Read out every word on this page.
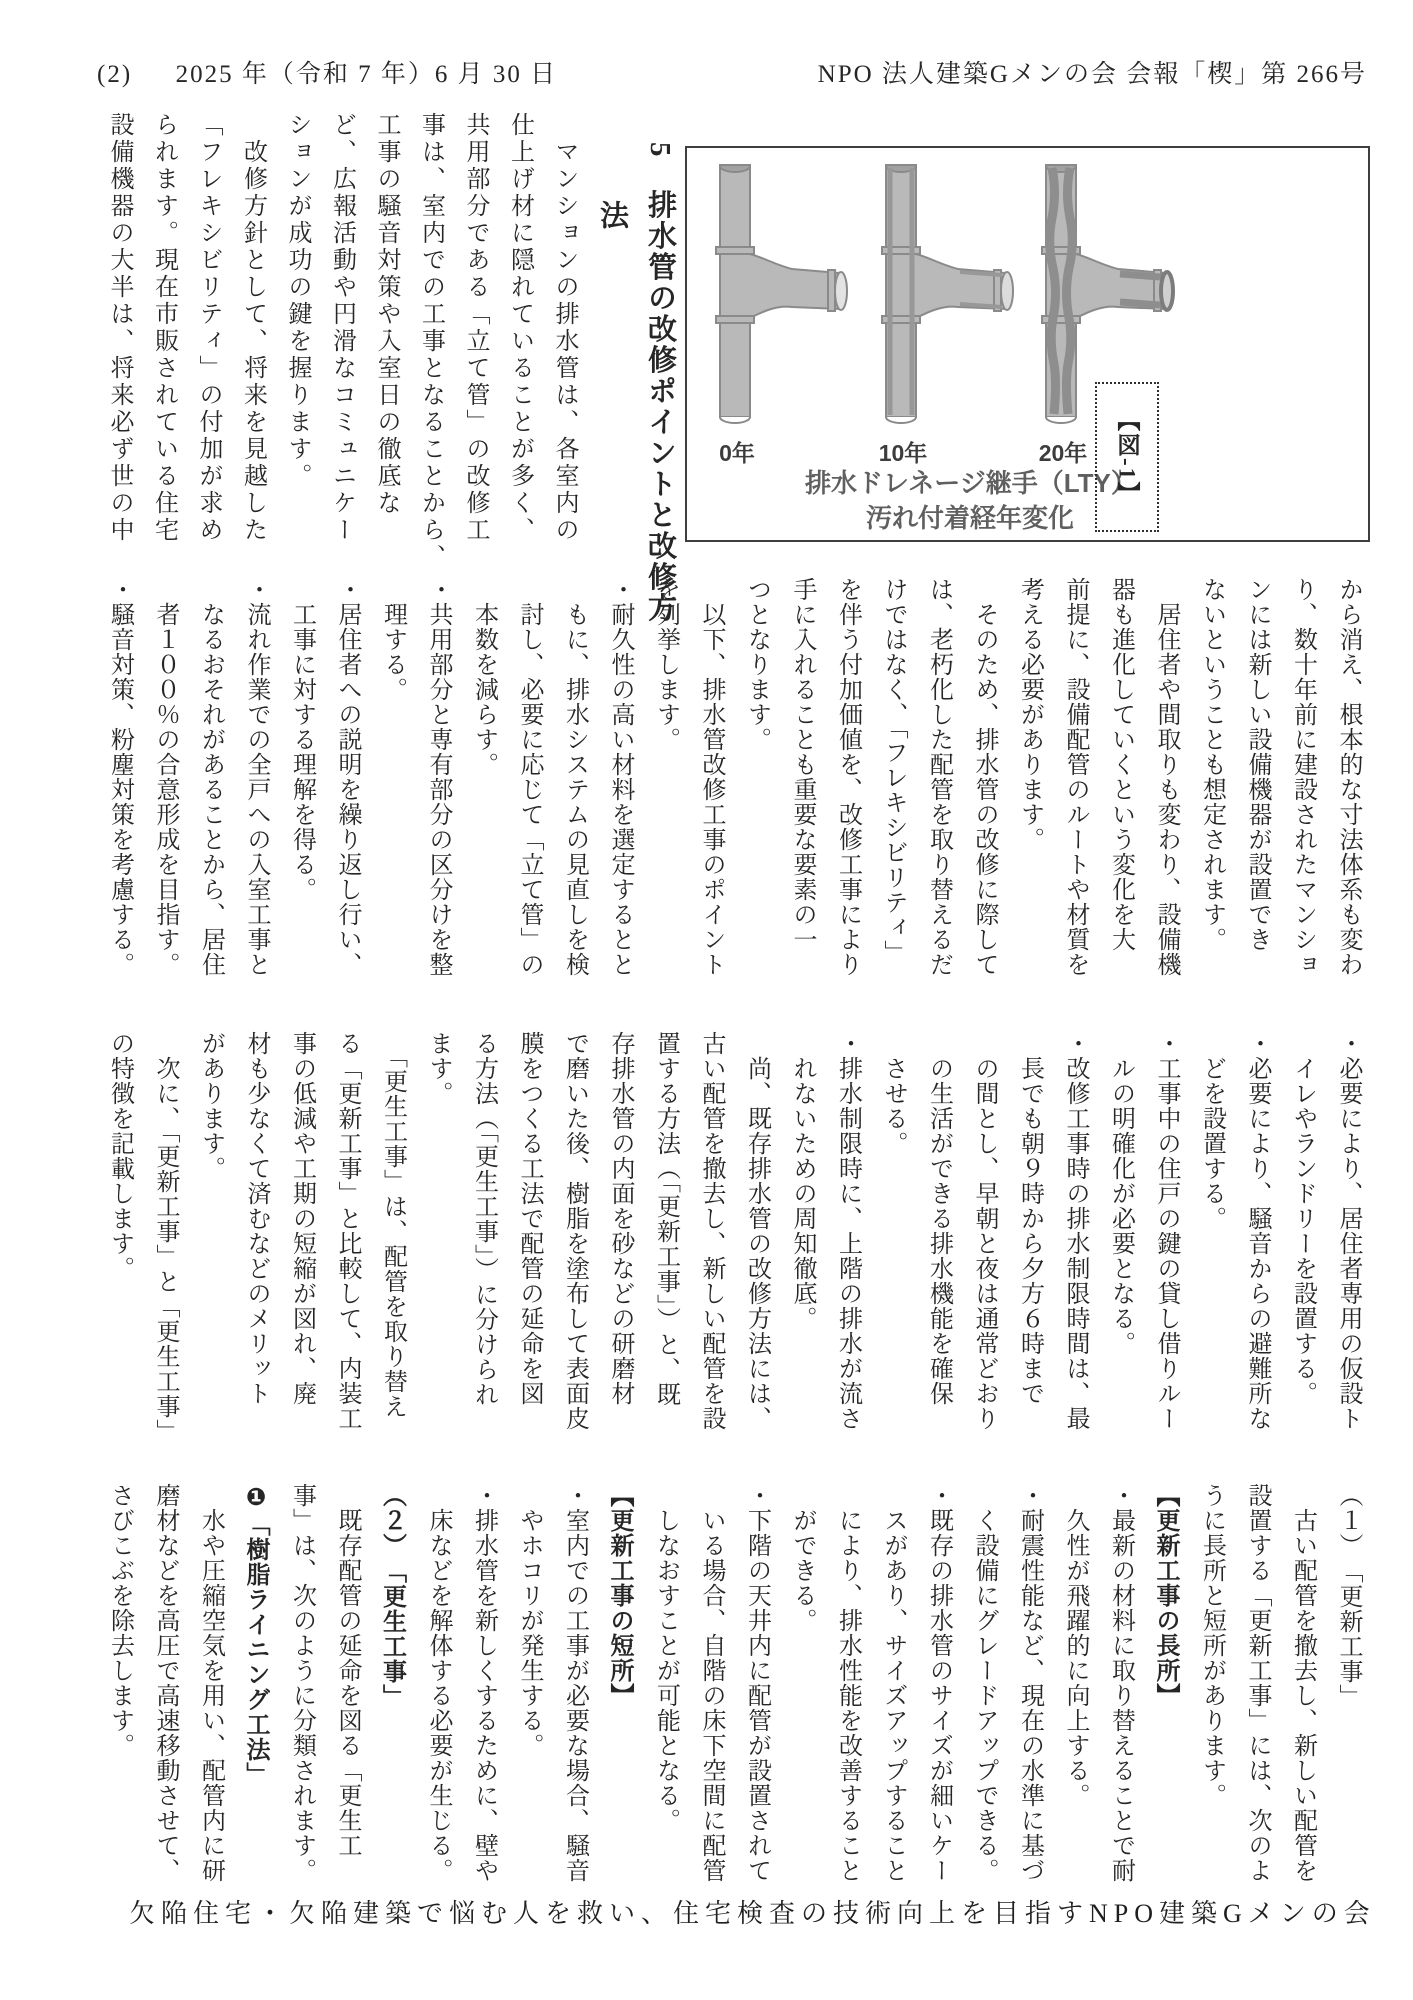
(2) 　 2025 年（令和 7 年）6 月 30 日	NPO 法人建築Gメンの会 会報「楔」第 266号
　マンションの排水管は、各室内の
仕上げ材に隠れていることが多く、
共用部分である「立て管」の改修工
事は、室内での工事となることから、
工事の騒音対策や入室日の徹底な
ど、広報活動や円滑なコミュニケー
ションが成功の鍵を握ります。
　改修方針として、将来を見越した
「フレキシビリティ」の付加が求め
られます。現在市販されている住宅
設備機器の大半は、将来必ず世の中	5　排水管の改修ポイントと改修方
法
0年	10年	20年
排水ドレネージ継手（LTY）
汚れ付着経年変化
【図-1】
から消え、根本的な寸法体系も変わ
り、数十年前に建設されたマンショ
ンには新しい設備機器が設置でき
ないということも想定されます。
　居住者や間取りも変わり、設備機
器も進化していくという変化を大
前提に、設備配管のルートや材質を
考える必要があります。
　そのため、排水管の改修に際して
は、老朽化した配管を取り替えるだ
けではなく、「フレキシビリティ」
を伴う付加価値を、改修工事により
手に入れることも重要な要素の一
つとなります。
　以下、排水管改修工事のポイント
を列挙します。
・耐久性の高い材料を選定するとと
　もに、排水システムの見直しを検
　討し、必要に応じて「立て管」の
　本数を減らす。
・共用部分と専有部分の区分けを整
　理する。
・居住者への説明を繰り返し行い、
　工事に対する理解を得る。
・流れ作業での全戸への入室工事と
　なるおそれがあることから、居住
　者１００％の合意形成を目指す。
・騒音対策、粉塵対策を考慮する。
・必要により、居住者専用の仮設ト
　イレやランドリーを設置する。
・必要により、騒音からの避難所な
　どを設置する。
・工事中の住戸の鍵の貸し借りルー
　ルの明確化が必要となる。
・改修工事時の排水制限時間は、最
　長でも朝９時から夕方６時まで
　の間とし、早朝と夜は通常どおり
　の生活ができる排水機能を確保
　させる。
・排水制限時に、上階の排水が流さ
　れないための周知徹底。
　尚、既存排水管の改修方法には、
古い配管を撤去し、新しい配管を設
置する方法（「更新工事」）と、既
存排水管の内面を砂などの研磨材
で磨いた後、樹脂を塗布して表面皮
膜をつくる工法で配管の延命を図
る方法（「更生工事」）に分けられ
ます。
　「更生工事」は、配管を取り替え
る「更新工事」と比較して、内装工
事の低減や工期の短縮が図れ、廃
材も少なくて済むなどのメリット
があります。
　次に、「更新工事」と「更生工事」
の特徴を記載します。
（１）　「更新工事」
　古い配管を撤去し、新しい配管を
設置する「更新工事」には、次のよ
うに長所と短所があります。
【更新工事の長所】
・最新の材料に取り替えることで耐
　久性が飛躍的に向上する。
・耐震性能など、現在の水準に基づ
　く設備にグレードアップできる。
・既存の排水管のサイズが細いケー
　スがあり、サイズアップすること
　により、排水性能を改善すること
　ができる。
・下階の天井内に配管が設置されて
　いる場合、自階の床下空間に配管
　しなおすことが可能となる。
【更新工事の短所】
・室内での工事が必要な場合、騒音
　やホコリが発生する。
・排水管を新しくするために、壁や
　床などを解体する必要が生じる。
（２）　「更生工事」
　既存配管の延命を図る「更生工
事」は、次のように分類されます。
❶「樹脂ライニング工法」
　水や圧縮空気を用い、配管内に研
磨材などを高圧で高速移動させて、
さびこぶを除去します。
欠陥住宅・欠陥建築で悩む人を救い、住宅検査の技術向上を目指すNPO建築Gメンの会
